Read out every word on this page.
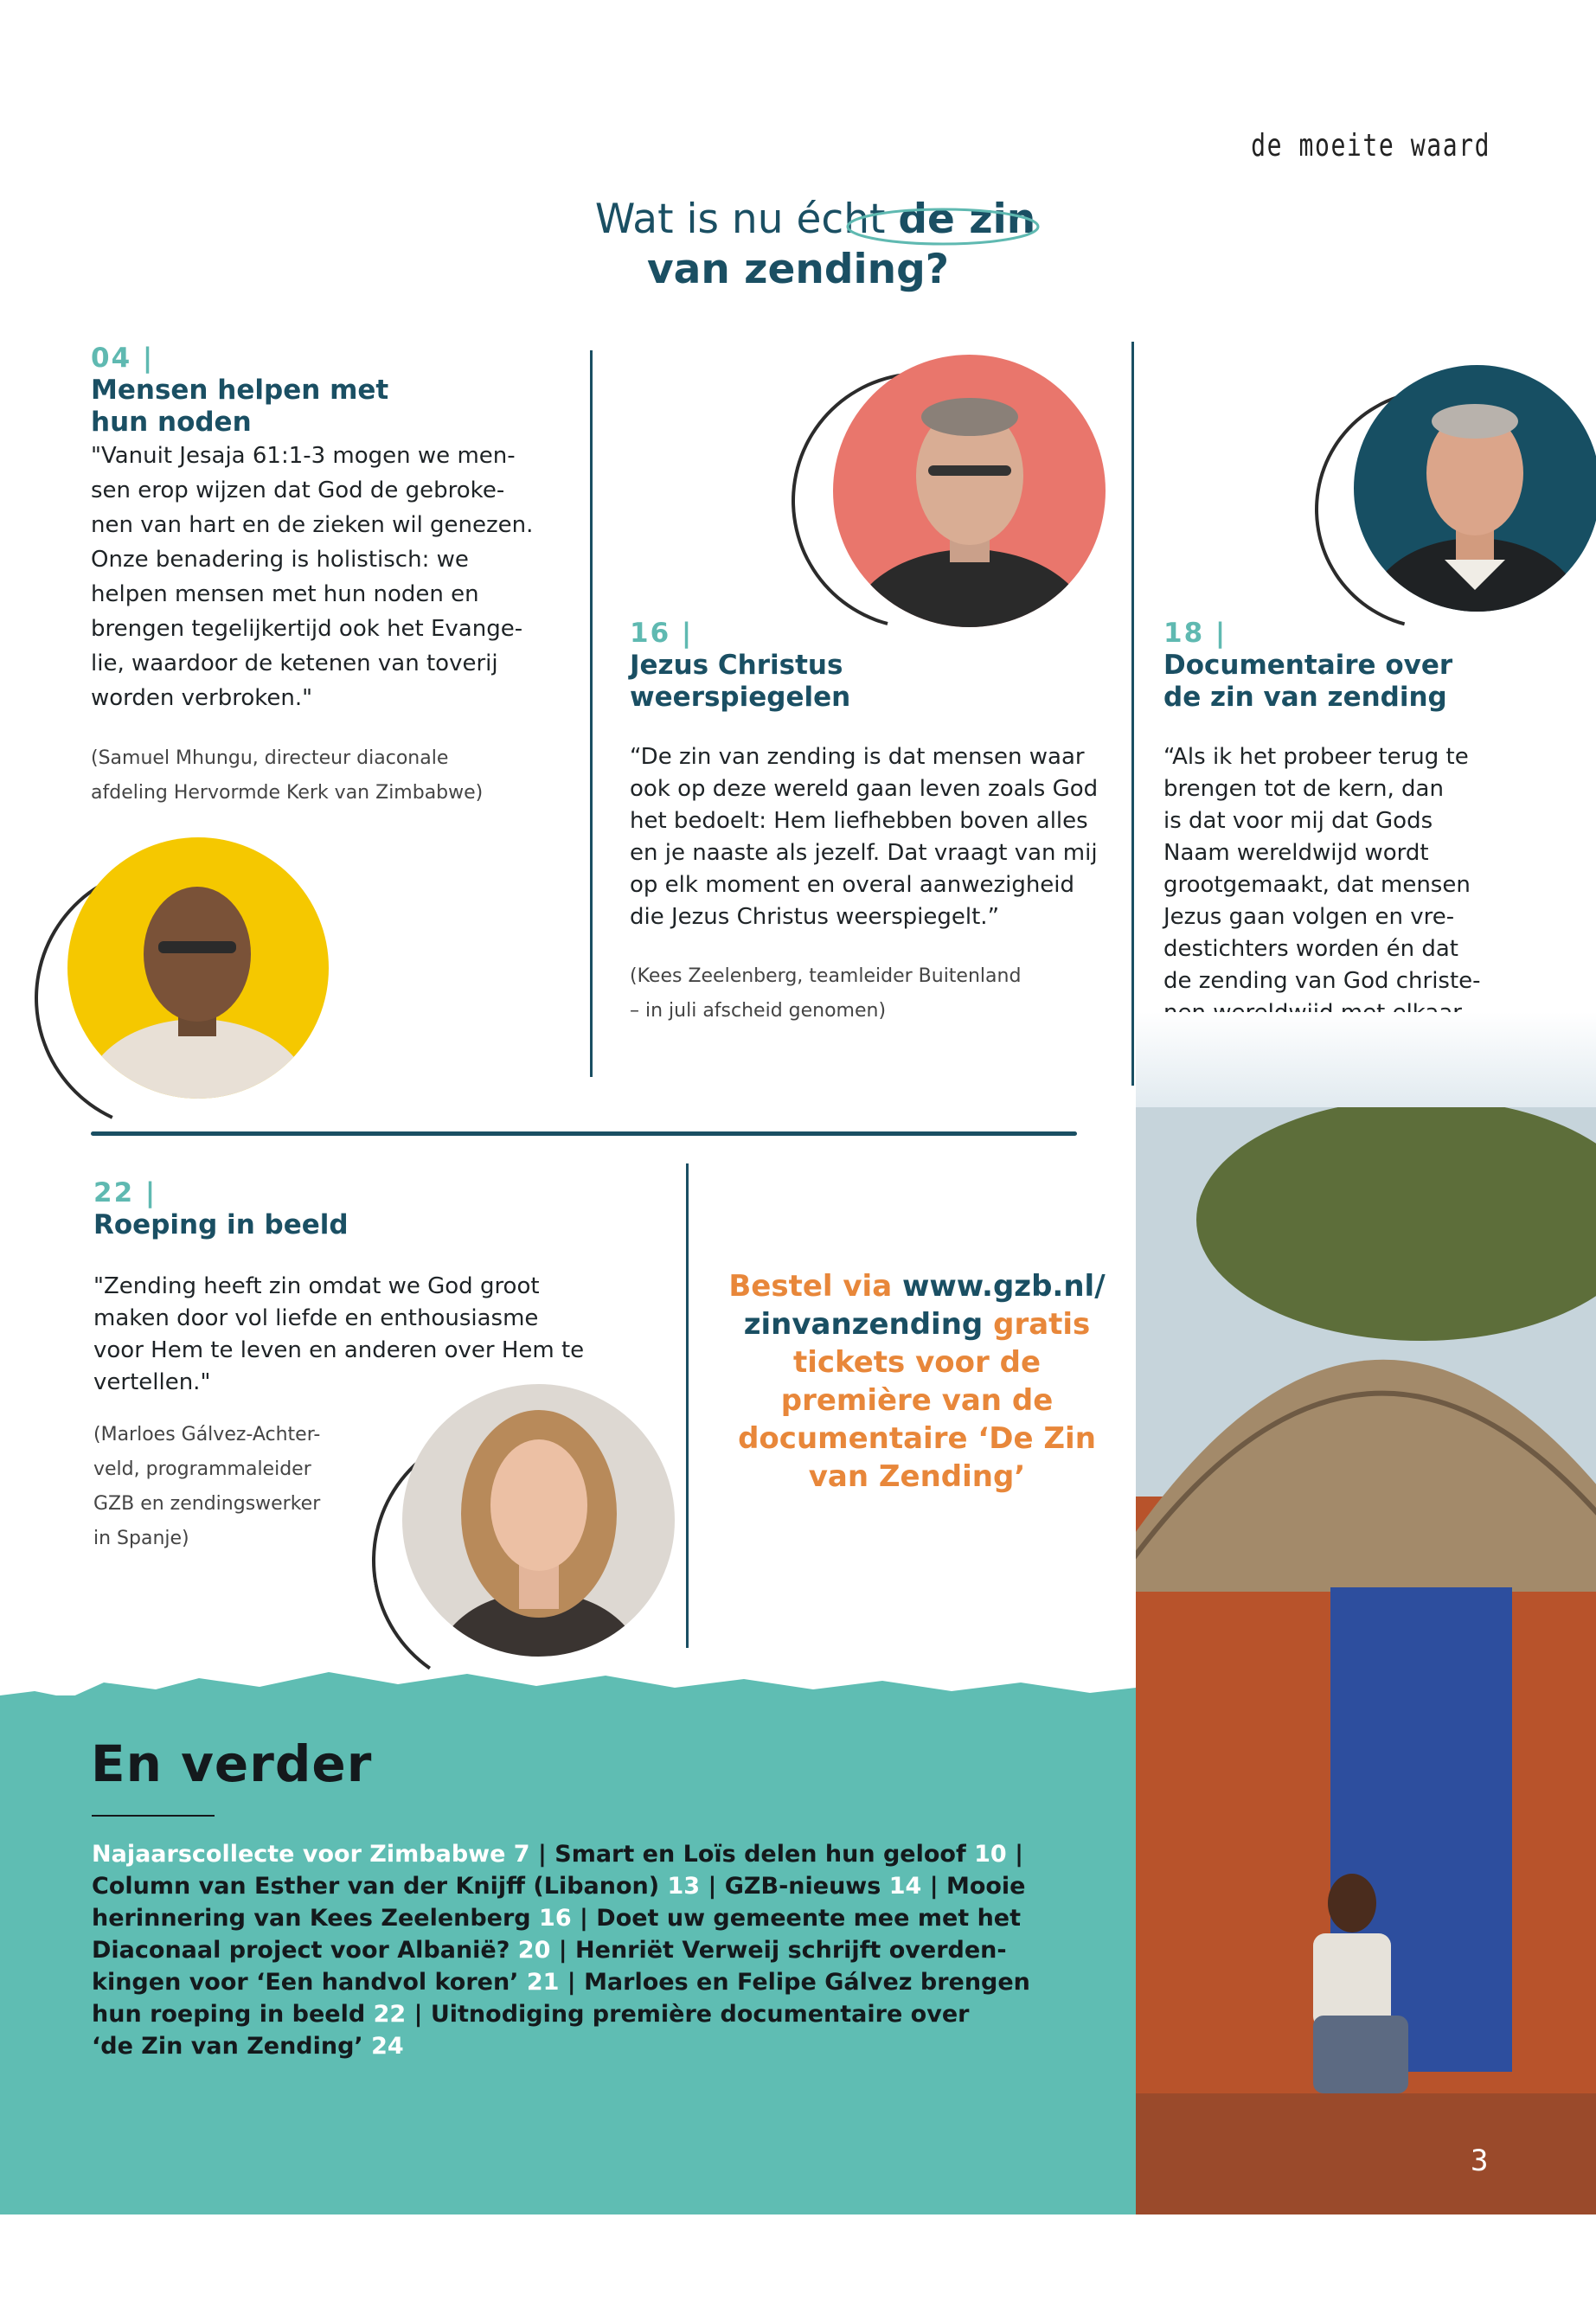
de moeite waard
Wat is nu écht de zin
van zending?
04 |
Mensen helpen met
hun noden
"Vanuit Jesaja 61:1-3 mogen we men-
sen erop wijzen dat God de gebroke-
nen van hart en de zieken wil genezen.
Onze benadering is holistisch: we
helpen mensen met hun noden en
brengen tegelijkertijd ook het Evange-
lie, waardoor de ketenen van toverij
worden verbroken."
(Samuel Mhungu, directeur diaconale
afdeling Hervormde Kerk van Zimbabwe)
16 |
Jezus Christus
weerspiegelen
“De zin van zending is dat mensen waar
ook op deze wereld gaan leven zoals God
het bedoelt: Hem liefhebben boven alles
en je naaste als jezelf. Dat vraagt van mij
op elk moment en overal aanwezigheid
die Jezus Christus weerspiegelt.”
(Kees Zeelenberg, teamleider Buitenland
– in juli afscheid genomen)
18 |
Documentaire over
de zin van zending
“Als ik het probeer terug te
brengen tot de kern, dan
is dat voor mij dat Gods
Naam wereldwijd wordt
grootgemaakt, dat mensen
Jezus gaan volgen en vre-
destichters worden én dat
de zending van God christe-
22 |
Roeping in beeld
"Zending heeft zin omdat we God groot
maken door vol liefde en enthousiasme
voor Hem te leven en anderen over Hem te
vertellen."
(Marloes Gálvez-Achter-
veld, programmaleider
GZB en zendingswerker
in Spanje)
Bestel via www.gzb.nl/
zinvanzending gratis
tickets voor de
première van de
documentaire ‘De Zin
van Zending’
En verder
Najaarscollecte voor Zimbabwe 7 | Smart en Loïs delen hun geloof 10 |
Column van Esther van der Knijff (Libanon) 13 | GZB-nieuws 14 | Mooie
herinnering van Kees Zeelenberg 16 | Doet uw gemeente mee met het
Diaconaal project voor Albanië? 20 | Henriët Verweij schrijft overden-
kingen voor ‘Een handvol koren’ 21 | Marloes en Felipe Gálvez brengen
hun roeping in beeld 22 | Uitnodiging première documentaire over
‘de Zin van Zending’ 24
3
